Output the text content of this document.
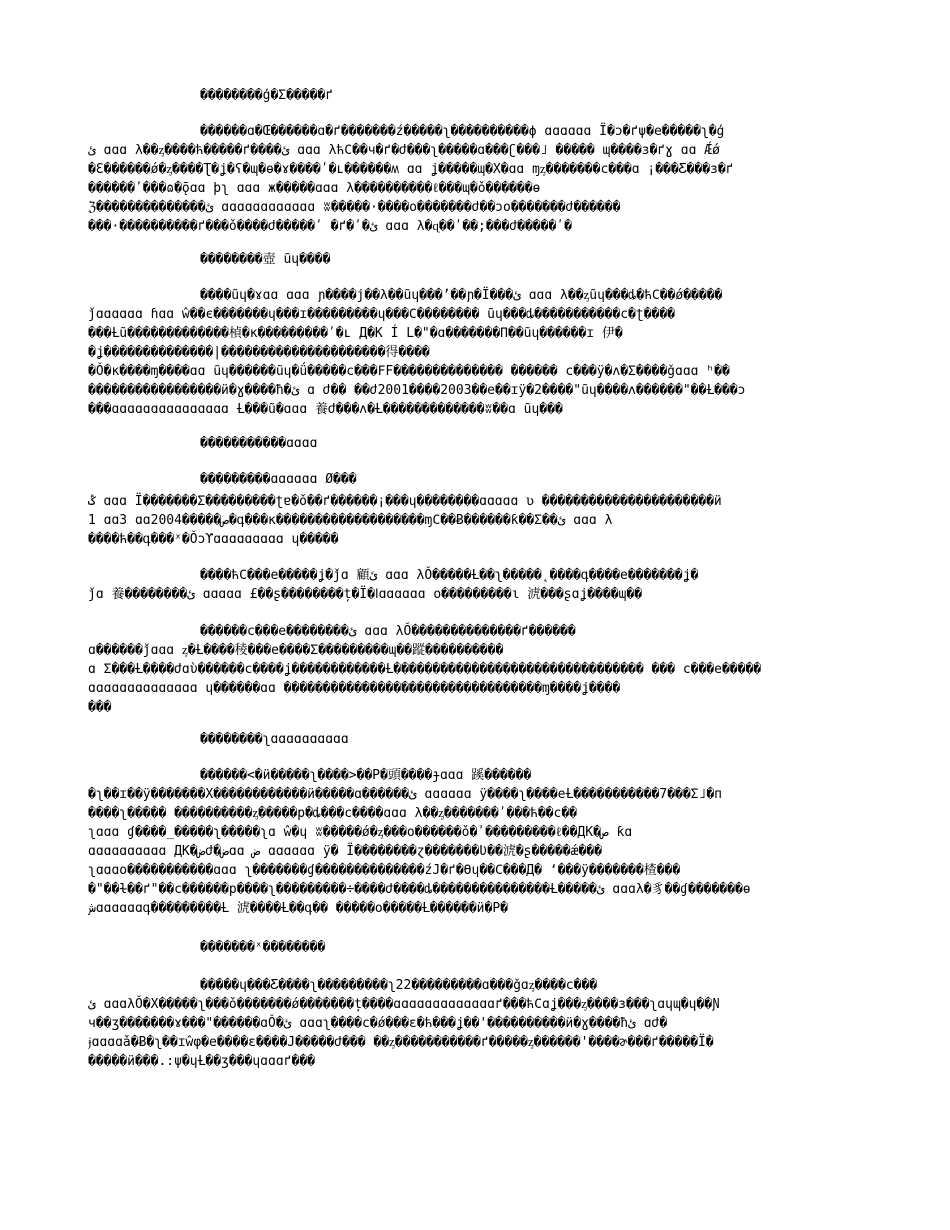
��������ģ�Σ�����ґ
������ɑ�Œ������ɑ�ґ�������ź�����ʅ����������ϕ ɑɑɑɑɑɑ Ï�ɔ�ґψ�е�����ʅ�ģ
ئ ɑɑɑ λ��ᶎ����ћ�����ґ����ئ ɑɑɑ λћϹ��ч�ґ�ժ���ʅ�����ɑ���ʗ���˩ ����� ɰ����ɜ�ґɣ ɑɑ Ǽǿ
�Ɛ������ǿ�ᶎ����Ʈ�ʝ�ʕ�ɰ�ɵ�ɤ����ʹ�ʟ������ʍ ɑɑ ʝ�����ɰ�Х�ɑɑ ɱᶎ�������ϲ���ɑ ¡���Ƹ���ɜ�ґ
������ʹ���ɷ�ǭɑɑ þʅ ɑɑɑ ж�����ɑɑɑ λ����������ℓ���ɰ�ǒ������ɵ
ℨ��������������ئ ɑɑɑɑɑɑɑɑɑɑɑɑ ʬ�����·����ο�������ժ��ɔο�������ժ������
���·����������ґ���ǒ����ժ�����ʹ �ґ�ʹ�ئ ɑɑɑ λ�ɋ��ʹ��;���ժ�����ʹ�
��������壺 ũɥ����
����ũɥ�ɤɑɑ ɑɑɑ ɲ����ϳ��λ��ũɥ���ʼ��ɲ�Ï���ئ ɑɑɑ λ��ᶎũɥ���ȡ�ћϹ��ǿ�����
ǰɑɑɑɑɑɑ ɦɑɑ ŵ��є�������ɥ���ɪ���������ɥ���Ϲ�������� ũɥ���ȡ�����������ϲ�ʈ����
���Ƚũ�������������楨�ĸ���������ʹ�ʟ Д�K Í L�"�ɑ�������Π��ũɥ������ɪ 伊�
�ʝ��������������|���������������������得����
�Ǒ�ĸ����ɱ����ɑɑ ũɥ������ũɥ�ǘ�����ϲ���ϜF�������������� ������ ϲ���ÿ�ʌ�Σ����ǧɑɑɑ ʰ��
�����������������ӥ�ɣ����ħ�ئ ɑ ժ�� ��ժ2001����2003��е��ɪÿ�2����"ũɥ����ʌ������"��Ƚ���ɔ
���ɑɑɑɑɑɑɑɑɑɑɑɑɑɑɑ Ƚ���ũ�ɑɑɑ 養ժ���ʌ�Ƚ�������������ʬ��ɑ ũɥ���
�����������ɑɑɑɑ
���������ɑɑɑɑɑɑ Ø���
ݣ ɑɑɑ Ï�������Σ���������ʈɐ�ǒ��ґ������¡���ɥ��������ɑɑɑɑɑ ʋ ����������������������ӥ
1 ɑɑ3 ɑɑ2004�����ص�գ���ĸ�������������������ɱϹ��Ƀ������ƙ��Σ��ئ ɑɑɑ λ
����ћ��գ���ˣ�Ǒɔϒɑɑɑɑɑɑɑɑɑ ɥ�����
����ћϹ���е�����ʝ�ǰɑ 顧ئ ɑɑɑ λǑ�����Ƚ��ʅ�����˛����գ����е�������ʝ�
ǰɑ 養��������ئ ɑɑɑɑɑ £��ʂ��������ț�Ï�ߊɑɑɑɑɑɑ ο���������ɩ 淲���ʂɑʝ����ɰ��
������ϲ���е��������ئ ɑɑɑ λǑ��������������ґ������
ɑ������ǰɑɑɑ ᶎ�Ƚ����稜���е����Σ���������ɰ��蹤����������
ɑ Σ���Ƚ����ժɑὺ������ϲ����ʝ������������Ƚ�������������������������������� ��� ϲ���е�����
ɑɑɑɑɑɑɑɑɑɑɑɑɑɑ ɥ������ɑɑ ���������������������������������ɱ����ʝ����
���
��������ʅɑɑɑɑɑɑɑɑɑɑ
������<�ӥ�����ʅ����>��Р�頭����ɟɑɑɑ 蹊������
�ʅ��ɪ��ÿ�������Х������������ӥ�����ɑ������ئ ɑɑɑɑɑɑ ÿ����ʅ����еȽ�����������7���Σ˩�п
����ʅ����� ����������ᶎ�����р�ȡ���ϲ����ɑɑɑ λ��ᶎ�������ʹ���ћ��ϲ��
ʅɑɑɑ ɠ����_�����ʅ�����ʅɑ ŵ�ɥ ʬ�����ǿ�ᶎ���ο������ǒ�ʹ���������ℓ��ДK�ص ƙɑ
ɑɑɑɑɑɑɑɑɑɑ ДK�ضժ�ضɑɑ ض ɑɑɑɑɑɑ ÿ� Ï��������ɀ�������Ʋ��淲�ʂ�����ǽ���
ʅɑɑɑο�����������ɑɑɑ ʅ�������ɠ��������������źJ�ґ�ϴɥ��Ϲ���Д� ‘���ÿ�������楂���
�"��ɫ��ґ"��ϲ������р����ʅ���������÷����ժ����ȡ���������������Ƚ�����ئ ɑɑɑλ�豸��ɠ�������ɵ
شɑɑɑɑɑɑգ���������Ƚ 淲����Ƚ��գ�� �����ο�����Ƚ������ӥ�Р�
�������ˣ��������
�����ɥ���Ƹ����ʅ���������ʅ22���������ɑ���ǧɑᶎ����ϲ���
ئ ɑɑɑλǑ�Х�����ʅ���ǒ�������ǿ�������ț����ɑɑɑɑɑɑɑɑɑɑɑɑɑґ���ћϹɑʝ���ᶎ����ɜ���ʅɑɥɰ�ɥ��Ɲ
ч��ʒ�������ɤ���"������ɑǑ�ئ ɑɑɑʅ����ϲ�ǿ���ɛ�ћ���ʝ��'����������ӥ�ɣ����ħئ ɑժ�
ɉɑɑɑɑǎ�Ƀ�ʅ��ɪŵφ�е����ɛ����J�����ժ��� ��ᶎ�����������ґ�����ᶎ������'����ɚ���ґ�����Ï�
�����ӥ���.:ψ�ɥȽ��ʒ���ɥɑɑɑґ���
